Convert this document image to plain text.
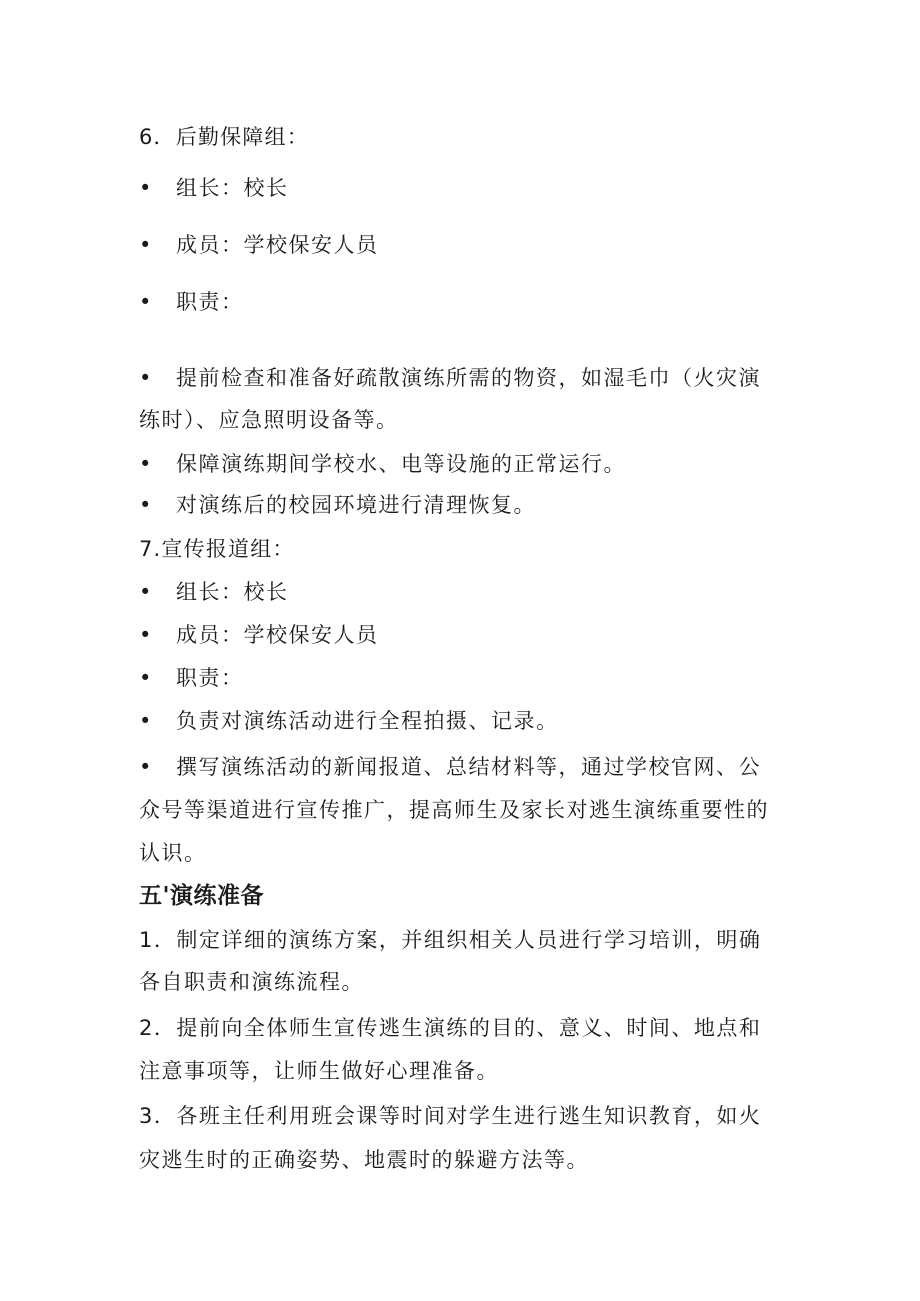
6．后勤保障组：
• 组长：校长
• 成员：学校保安人员
• 职责：
• 提前检查和准备好疏散演练所需的物资，如湿毛巾（火灾演
练时）、应急照明设备等。
• 保障演练期间学校水、电等设施的正常运行。
• 对演练后的校园环境进行清理恢复。
7.宣传报道组：
• 组长：校长
• 成员：学校保安人员
• 职责：
• 负责对演练活动进行全程拍摄、记录。
• 撰写演练活动的新闻报道、总结材料等，通过学校官网、公
众号等渠道进行宣传推广，提高师生及家长对逃生演练重要性的
认识。
五'演练准备
1．制定详细的演练方案，并组织相关人员进行学习培训，明确
各自职责和演练流程。
2．提前向全体师生宣传逃生演练的目的、意义、时间、地点和
注意事项等，让师生做好心理准备。
3．各班主任利用班会课等时间对学生进行逃生知识教育，如火
灾逃生时的正确姿势、地震时的躲避方法等。
